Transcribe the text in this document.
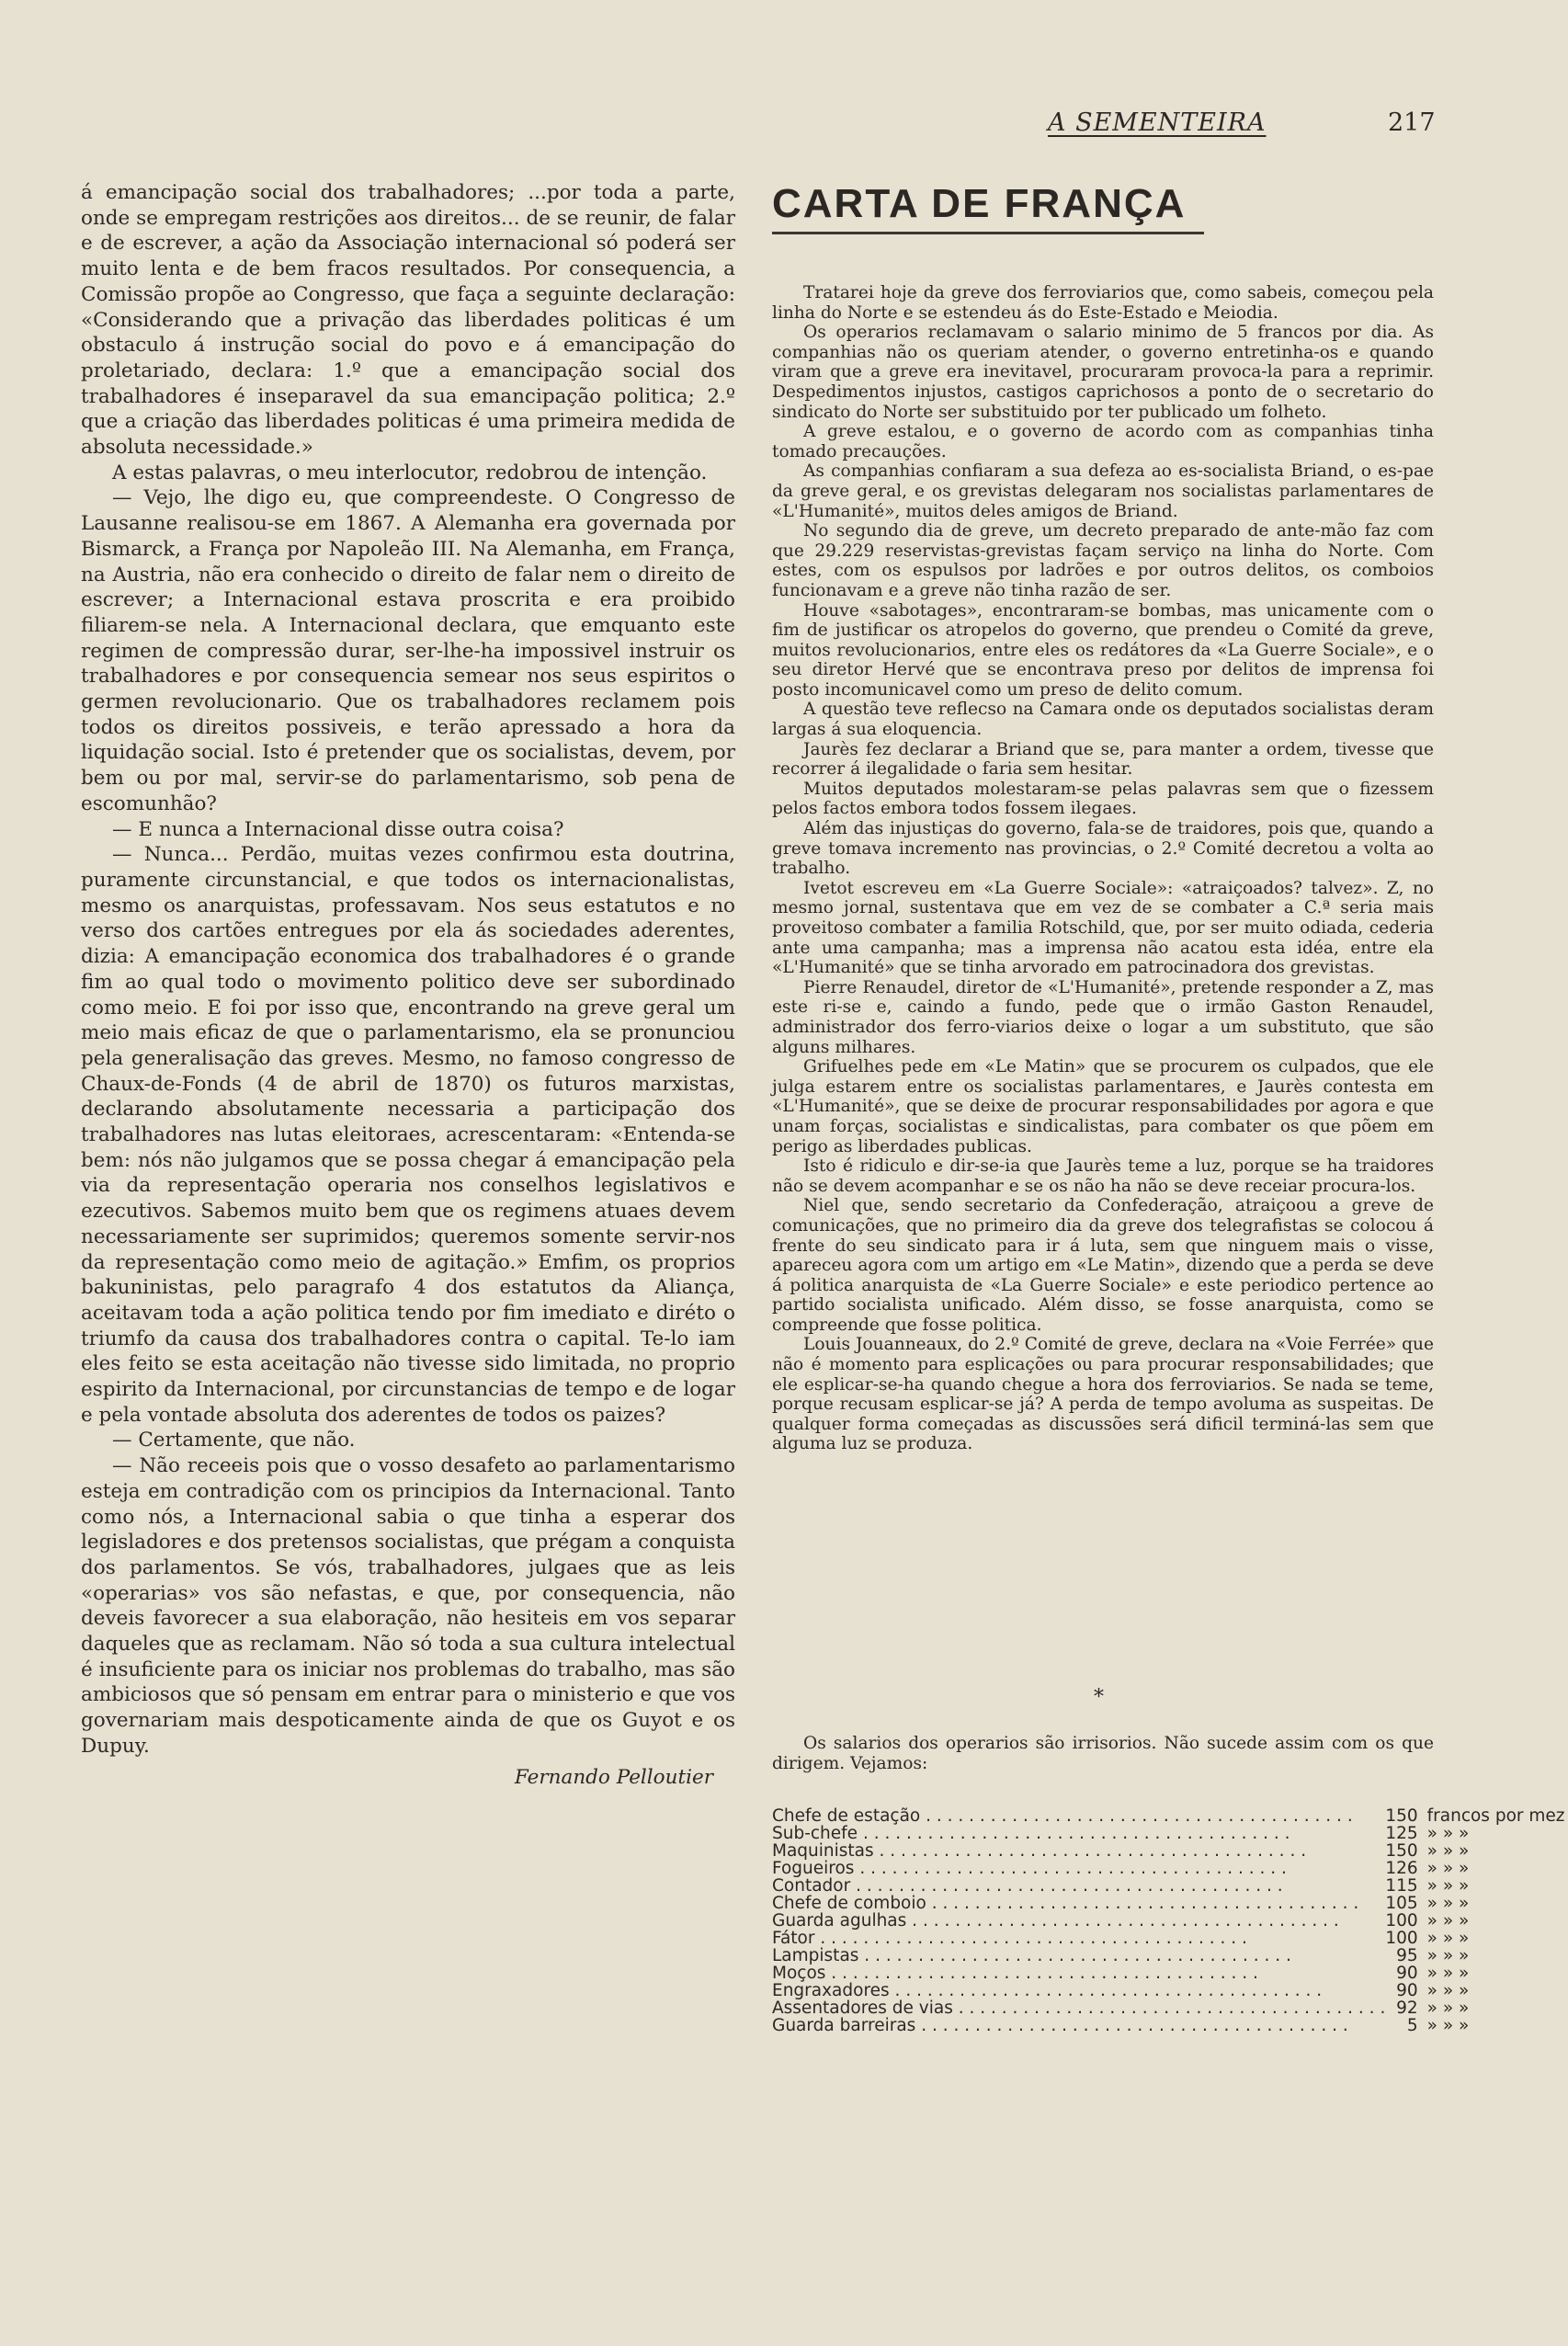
A SEMENTEIRA	217

á emancipação social dos trabalhadores; ...por toda a parte, onde se empregam restrições aos direitos... de se reunir, de falar e de escrever, a ação da Associação internacional só poderá ser muito lenta e de bem fracos resultados. Por consequencia, a Comissão propõe ao Congresso, que faça a seguinte declaração: «Considerando que a privação das liberdades politicas é um obstaculo á instrução social do povo e á emancipação do proletariado, declara: 1.º que a emancipação social dos trabalhadores é inseparavel da sua emancipação politica; 2.º que a criação das liberdades politicas é uma primeira medida de absoluta necessidade.»

A estas palavras, o meu interlocutor, redobrou de intenção.

— Vejo, lhe digo eu, que compreendeste. O Congresso de Lausanne realisou-se em 1867. A Alemanha era governada por Bismarck, a França por Napoleão III. Na Alemanha, em França, na Austria, não era conhecido o direito de falar nem o direito de escrever; a Internacional estava proscrita e era proibido filiarem-se nela. A Internacional declara, que emquanto este regimen de compressão durar, ser-lhe-ha impossivel instruir os trabalhadores e por consequencia semear nos seus espiritos o germen revolucionario. Que os trabalhadores reclamem pois todos os direitos possiveis, e terão apressado a hora da liquidação social. Isto é pretender que os socialistas, devem, por bem ou por mal, servir-se do parlamentarismo, sob pena de escomunhão?

— E nunca a Internacional disse outra coisa?

— Nunca... Perdão, muitas vezes confirmou esta doutrina, puramente circunstancial, e que todos os internacionalistas, mesmo os anarquistas, professavam. Nos seus estatutos e no verso dos cartões entregues por ela ás sociedades aderentes, dizia: A emancipação economica dos trabalhadores é o grande fim ao qual todo o movimento politico deve ser subordinado como meio. E foi por isso que, encontrando na greve geral um meio mais eficaz de que o parlamentarismo, ela se pronunciou pela generalisação das greves. Mesmo, no famoso congresso de Chaux-de-Fonds (4 de abril de 1870) os futuros marxistas, declarando absolutamente necessaria a participação dos trabalhadores nas lutas eleitoraes, acrescentaram: «Entenda-se bem: nós não julgamos que se possa chegar á emancipação pela via da representação operaria nos conselhos legislativos e ezecutivos. Sabemos muito bem que os regimens atuaes devem necessariamente ser suprimidos; queremos somente servir-nos da representação como meio de agitação.» Emfim, os proprios bakuninistas, pelo paragrafo 4 dos estatutos da Aliança, aceitavam toda a ação politica tendo por fim imediato e diréto o triumfo da causa dos trabalhadores contra o capital. Te-lo iam eles feito se esta aceitação não tivesse sido limitada, no proprio espirito da Internacional, por circunstancias de tempo e de logar e pela vontade absoluta dos aderentes de todos os paizes?

— Certamente, que não.

— Não receeis pois que o vosso desafeto ao parlamentarismo esteja em contradição com os principios da Internacional. Tanto como nós, a Internacional sabia o que tinha a esperar dos legisladores e dos pretensos socialistas, que prégam a conquista dos parlamentos. Se vós, trabalhadores, julgaes que as leis «operarias» vos são nefastas, e que, por consequencia, não deveis favorecer a sua elaboração, não hesiteis em vos separar daqueles que as reclamam. Não só toda a sua cultura intelectual é insuficiente para os iniciar nos problemas do trabalho, mas são ambiciosos que só pensam em entrar para o ministerio e que vos governariam mais despoticamente ainda de que os Guyot e os Dupuy.

Fernando Pelloutier

CARTA DE FRANÇA

Tratarei hoje da greve dos ferroviarios que, como sabeis, começou pela linha do Norte e se estendeu ás do Este-Estado e Meiodia.

Os operarios reclamavam o salario minimo de 5 francos por dia. As companhias não os queriam atender, o governo entretinha-os e quando viram que a greve era inevitavel, procuraram provoca-la para a reprimir. Despedimentos injustos, castigos caprichosos a ponto de o secretario do sindicato do Norte ser substituido por ter publicado um folheto.

A greve estalou, e o governo de acordo com as companhias tinha tomado precauções.

As companhias confiaram a sua defeza ao es-socialista Briand, o es-pae da greve geral, e os grevistas delegaram nos socialistas parlamentares de «L'Humanité», muitos deles amigos de Briand.

No segundo dia de greve, um decreto preparado de ante-mão faz com que 29.229 reservistas-grevistas façam serviço na linha do Norte. Com estes, com os espulsos por ladrões e por outros delitos, os comboios funcionavam e a greve não tinha razão de ser.

Houve «sabotages», encontraram-se bombas, mas unicamente com o fim de justificar os atropelos do governo, que prendeu o Comité da greve, muitos revolucionarios, entre eles os redátores da «La Guerre Sociale», e o seu diretor Hervé que se encontrava preso por delitos de imprensa foi posto incomunicavel como um preso de delito comum.

A questão teve reflecso na Camara onde os deputados socialistas deram largas á sua eloquencia.

Jaurès fez declarar a Briand que se, para manter a ordem, tivesse que recorrer á ilegalidade o faria sem hesitar.

Muitos deputados molestaram-se pelas palavras sem que o fizessem pelos factos embora todos fossem ilegaes.

Além das injustiças do governo, fala-se de traidores, pois que, quando a greve tomava incremento nas provincias, o 2.º Comité decretou a volta ao trabalho.

Ivetot escreveu em «La Guerre Sociale»: «atraiçoados? talvez». Z, no mesmo jornal, sustentava que em vez de se combater a C.ª seria mais proveitoso combater a familia Rotschild, que, por ser muito odiada, cederia ante uma campanha; mas a imprensa não acatou esta idéa, entre ela «L'Humanité» que se tinha arvorado em patrocinadora dos grevistas.

Pierre Renaudel, diretor de «L'Humanité», pretende responder a Z, mas este ri-se e, caindo a fundo, pede que o irmão Gaston Renaudel, administrador dos ferro-viarios deixe o logar a um substituto, que são alguns milhares.

Grifuelhes pede em «Le Matin» que se procurem os culpados, que ele julga estarem entre os socialistas parlamentares, e Jaurès contesta em «L'Humanité», que se deixe de procurar responsabilidades por agora e que unam forças, socialistas e sindicalistas, para combater os que põem em perigo as liberdades publicas.

Isto é ridiculo e dir-se-ia que Jaurès teme a luz, porque se ha traidores não se devem acompanhar e se os não ha não se deve receiar procura-los.

Niel que, sendo secretario da Confederação, atraiçoou a greve de comunicações, que no primeiro dia da greve dos telegrafistas se colocou á frente do seu sindicato para ir á luta, sem que ninguem mais o visse, apareceu agora com um artigo em «Le Matin», dizendo que a perda se deve á politica anarquista de «La Guerre Sociale» e este periodico pertence ao partido socialista unificado. Além disso, se fosse anarquista, como se compreende que fosse politica.

Louis Jouanneaux, do 2.º Comité de greve, declara na «Voie Ferrée» que não é momento para esplicações ou para procurar responsabilidades; que ele esplicar-se-ha quando chegue a hora dos ferroviarios. Se nada se teme, porque recusam esplicar-se já? A perda de tempo avoluma as suspeitas. De qualquer forma começadas as discussões será dificil terminá-las sem que alguma luz se produza.

*
Os salarios dos operarios são irrisorios. Não sucede assim com os que dirigem. Vejamos:
Chefe de estação . . . . . . . . . . . . . . . . . . . . . . . . . . . . . . . . . . . . . . . .	150	francos por mez
Sub-chefe . . . . . . . . . . . . . . . . . . . . . . . . . . . . . . . . . . . . . . . .	125	» » »
Maquinistas . . . . . . . . . . . . . . . . . . . . . . . . . . . . . . . . . . . . . . . .	150	» » »
Fogueiros . . . . . . . . . . . . . . . . . . . . . . . . . . . . . . . . . . . . . . . .	126	» » »
Contador . . . . . . . . . . . . . . . . . . . . . . . . . . . . . . . . . . . . . . . .	115	» » »
Chefe de comboio . . . . . . . . . . . . . . . . . . . . . . . . . . . . . . . . . . . . . . . .	105	» » »
Guarda agulhas . . . . . . . . . . . . . . . . . . . . . . . . . . . . . . . . . . . . . . . .	100	» » »
Fátor . . . . . . . . . . . . . . . . . . . . . . . . . . . . . . . . . . . . . . . .	100	» » »
Lampistas . . . . . . . . . . . . . . . . . . . . . . . . . . . . . . . . . . . . . . . .	95	» » »
Moços . . . . . . . . . . . . . . . . . . . . . . . . . . . . . . . . . . . . . . . .	90	» » »
Engraxadores . . . . . . . . . . . . . . . . . . . . . . . . . . . . . . . . . . . . . . . .	90	» » »
Assentadores de vias . . . . . . . . . . . . . . . . . . . . . . . . . . . . . . . . . . . . . . . .	92	» » »
Guarda barreiras . . . . . . . . . . . . . . . . . . . . . . . . . . . . . . . . . . . . . . . .	5	» » »
